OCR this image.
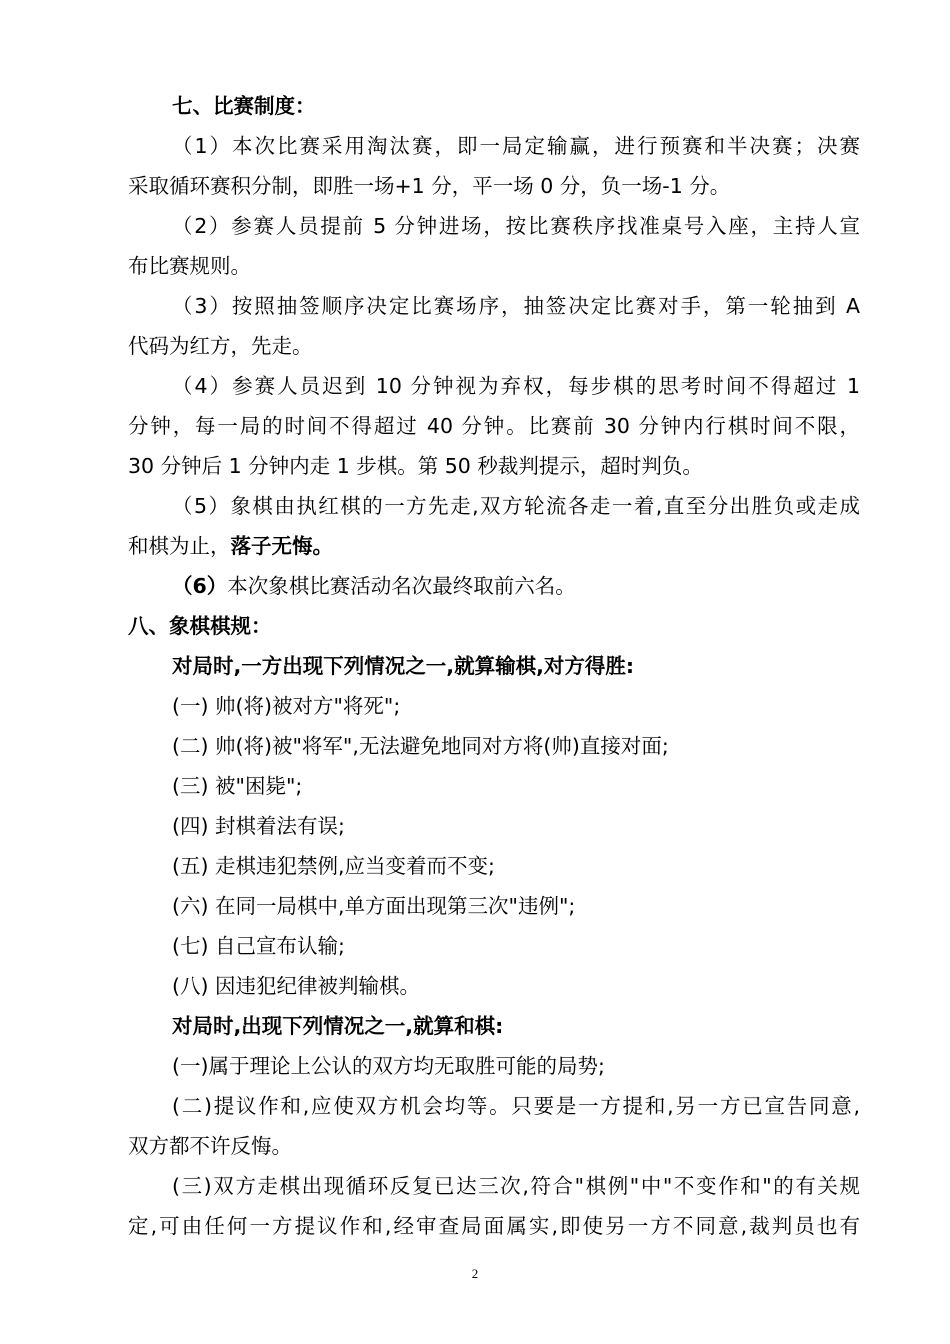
七、比赛制度：
（1）本次比赛采用淘汰赛，即一局定输赢，进行预赛和半决赛；决赛
采取循环赛积分制，即胜一场+1 分，平一场 0 分，负一场-1 分。
（2）参赛人员提前 5 分钟进场，按比赛秩序找准桌号入座，主持人宣
布比赛规则。
（3）按照抽签顺序决定比赛场序，抽签决定比赛对手，第一轮抽到 A
代码为红方，先走。
（4）参赛人员迟到 10 分钟视为弃权，每步棋的思考时间不得超过 1
分钟，每一局的时间不得超过 40 分钟。比赛前 30 分钟内行棋时间不限，
30 分钟后 1 分钟内走 1 步棋。第 50 秒裁判提示，超时判负。
（5）象棋由执红棋的一方先走,双方轮流各走一着,直至分出胜负或走成
和棋为止，落子无悔。
（6）本次象棋比赛活动名次最终取前六名。
八、象棋棋规：
对局时,一方出现下列情况之一,就算输棋,对方得胜:
(一) 帅(将)被对方"将死";
(二) 帅(将)被"将军",无法避免地同对方将(帅)直接对面;
(三) 被"困毙";
(四) 封棋着法有误;
(五) 走棋违犯禁例,应当变着而不变;
(六) 在同一局棋中,单方面出现第三次"违例";
(七) 自己宣布认输;
(八) 因违犯纪律被判输棋。
对局时,出现下列情况之一,就算和棋:
(一)属于理论上公认的双方均无取胜可能的局势;
(二)提议作和,应使双方机会均等。只要是一方提和,另一方已宣告同意,
双方都不许反悔。
(三)双方走棋出现循环反复已达三次,符合"棋例"中"不变作和"的有关规
定,可由任何一方提议作和,经审查局面属实,即使另一方不同意,裁判员也有
2
